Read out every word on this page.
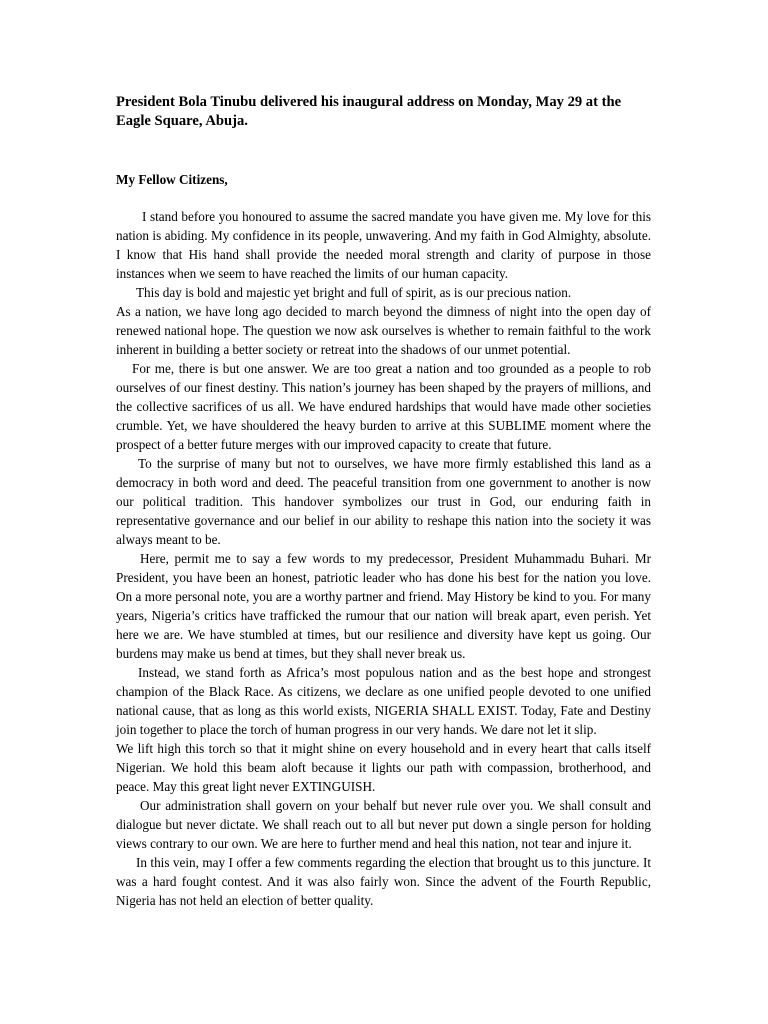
President Bola Tinubu delivered his inaugural address on Monday, May 29 at the Eagle Square, Abuja.

My Fellow Citizens,

I stand before you honoured to assume the sacred mandate you have given me. My love for this nation is abiding. My confidence in its people, unwavering. And my faith in God Almighty, absolute. I know that His hand shall provide the needed moral strength and clarity of purpose in those instances when we seem to have reached the limits of our human capacity.

This day is bold and majestic yet bright and full of spirit, as is our precious nation.

As a nation, we have long ago decided to march beyond the dimness of night into the open day of renewed national hope. The question we now ask ourselves is whether to remain faithful to the work inherent in building a better society or retreat into the shadows of our unmet potential.

For me, there is but one answer. We are too great a nation and too grounded as a people to rob ourselves of our finest destiny. This nation’s journey has been shaped by the prayers of millions, and the collective sacrifices of us all. We have endured hardships that would have made other societies crumble. Yet, we have shouldered the heavy burden to arrive at this SUBLIME moment where the prospect of a better future merges with our improved capacity to create that future.

To the surprise of many but not to ourselves, we have more firmly established this land as a democracy in both word and deed. The peaceful transition from one government to another is now our political tradition. This handover symbolizes our trust in God, our enduring faith in representative governance and our belief in our ability to reshape this nation into the society it was always meant to be.

Here, permit me to say a few words to my predecessor, President Muhammadu Buhari. Mr President, you have been an honest, patriotic leader who has done his best for the nation you love. On a more personal note, you are a worthy partner and friend. May History be kind to you. For many years, Nigeria’s critics have trafficked the rumour that our nation will break apart, even perish. Yet here we are. We have stumbled at times, but our resilience and diversity have kept us going. Our burdens may make us bend at times, but they shall never break us.

Instead, we stand forth as Africa’s most populous nation and as the best hope and strongest champion of the Black Race. As citizens, we declare as one unified people devoted to one unified national cause, that as long as this world exists, NIGERIA SHALL EXIST. Today, Fate and Destiny join together to place the torch of human progress in our very hands. We dare not let it slip.

We lift high this torch so that it might shine on every household and in every heart that calls itself Nigerian. We hold this beam aloft because it lights our path with compassion, brotherhood, and peace. May this great light never EXTINGUISH.

Our administration shall govern on your behalf but never rule over you. We shall consult and dialogue but never dictate. We shall reach out to all but never put down a single person for holding views contrary to our own. We are here to further mend and heal this nation, not tear and injure it.

In this vein, may I offer a few comments regarding the election that brought us to this juncture. It was a hard fought contest. And it was also fairly won. Since the advent of the Fourth Republic, Nigeria has not held an election of better quality.
